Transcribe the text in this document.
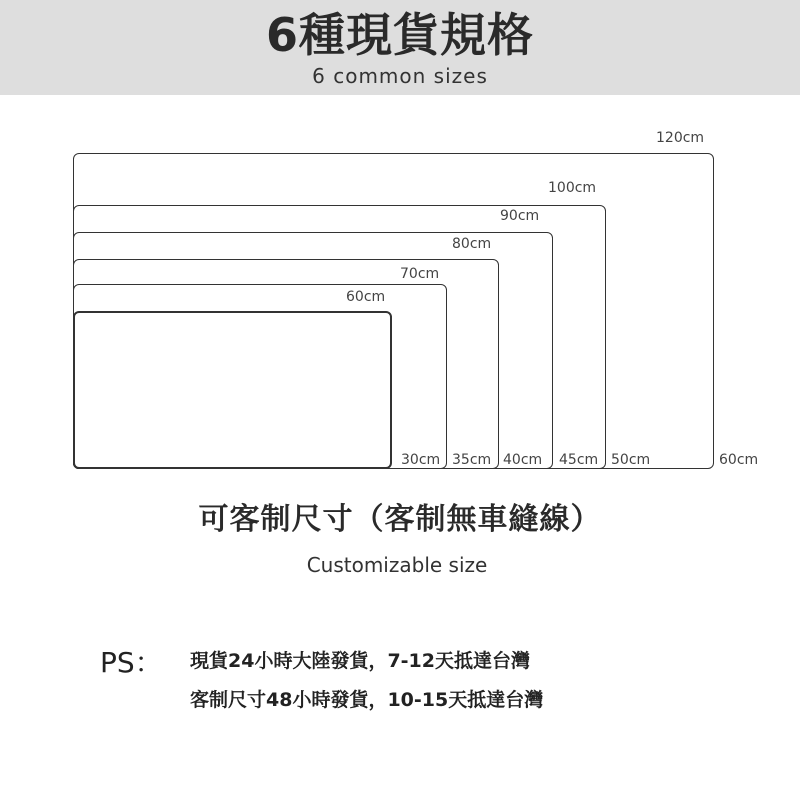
6種現貨規格
6 common sizes
120cm
100cm
90cm
80cm
70cm
60cm
30cm 35cm 40cm 45cm 50cm	60cm
可客制尺寸（客制無車縫線）
Customizable size
PS： 現貨24小時大陸發貨，7-12天抵達台灣
客制尺寸48小時發貨，10-15天抵達台灣
